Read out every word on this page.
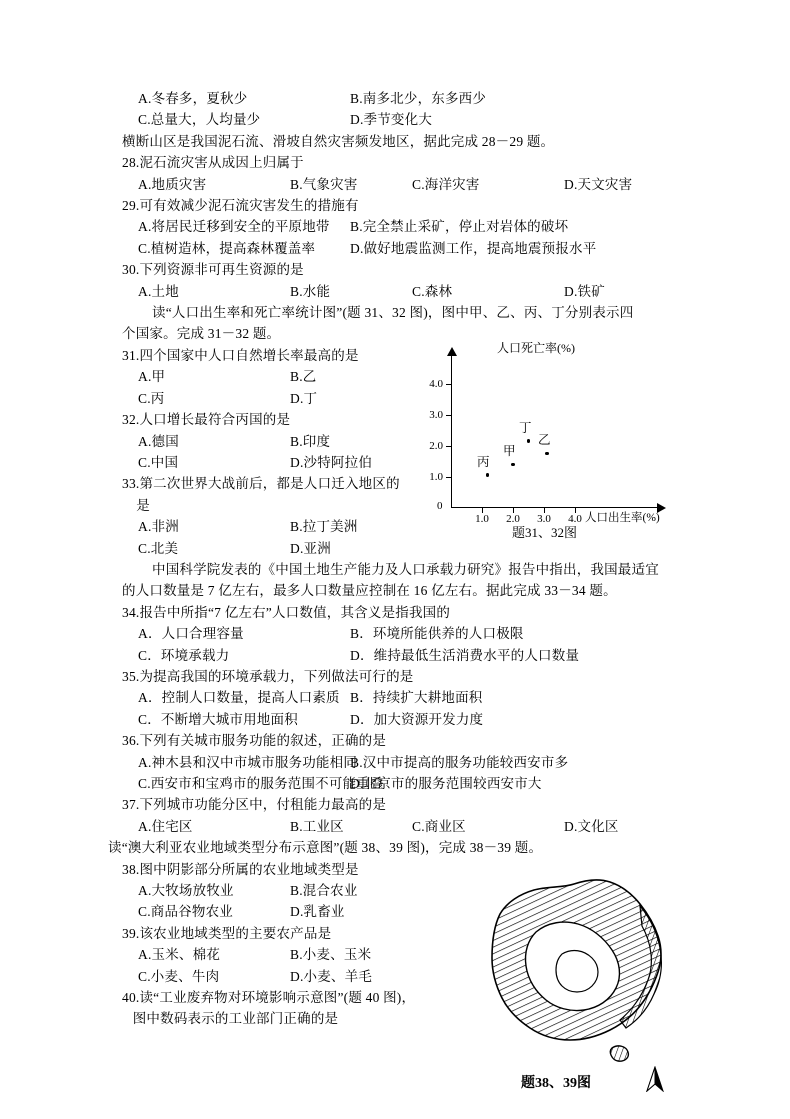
A.冬春多，夏秋少	B.南多北少，东多西少
C.总量大，人均量少	D.季节变化大
横断山区是我国泥石流、滑坡自然灾害频发地区，据此完成 28－29 题。
28.泥石流灾害从成因上归属于
A.地质灾害	B.气象灾害	C.海洋灾害	D.天文灾害
29.可有效减少泥石流灾害发生的措施有
A.将居民迁移到安全的平原地带	B.完全禁止采矿，停止对岩体的破坏
C.植树造林，提高森林覆盖率	D.做好地震监测工作，提高地震预报水平
30.下列资源非可再生资源的是
A.土地	B.水能	C.森林	D.铁矿
读“人口出生率和死亡率统计图”(题 31、32 图)，图中甲、乙、丙、丁分别表示四
个国家。完成 31－32 题。
31.四个国家中人口自然增长率最高的是
A.甲	B.乙
C.丙	D.丁
32.人口增长最符合丙国的是
A.德国	B.印度
C.中国	D.沙特阿拉伯
33.第二次世界大战前后，都是人口迁入地区的
是
A.非洲	B.拉丁美洲
C.北美	D.亚洲
中国科学院发表的《中国土地生产能力及人口承载力研究》报告中指出，我国最适宜
的人口数量是 7 亿左右，最多人口数量应控制在 16 亿左右。据此完成 33－34 题。
34.报告中所指“7 亿左右”人口数值，其含义是指我国的
A．人口合理容量	B．环境所能供养的人口极限
C．环境承载力	D．维持最低生活消费水平的人口数量
35.为提高我国的环境承载力，下列做法可行的是
A．控制人口数量，提高人口素质 B．持续扩大耕地面积
C．不断增大城市用地面积	D．加大资源开发力度
36.下列有关城市服务功能的叙述，正确的是
A.神木县和汉中市城市服务功能相同
B.汉中市提高的服务功能较西安市多
C.西安市和宝鸡市的服务范围不可能重叠
D.北京市的服务范围较西安市大
37.下列城市功能分区中，付租能力最高的是
A.住宅区	B.工业区	C.商业区	D.文化区
读“澳大利亚农业地域类型分布示意图”(题 38、39 图)，完成 38－39 题。
38.图中阴影部分所属的农业地域类型是
A.大牧场放牧业	B.混合农业
C.商品谷物农业	D.乳畜业
39.该农业地域类型的主要农产品是
A.玉米、棉花	B.小麦、玉米
C.小麦、牛肉	D.小麦、羊毛
40.读“工业废弃物对环境影响示意图”(题 40 图)，
图中数码表示的工业部门正确的是
人口死亡率(%)
4.0
3.0
2.0
1.0
0
1.0	2.0	3.0	4.0 人口出生率(%)
丙
甲
丁
乙
题31、32图
题38、39图
